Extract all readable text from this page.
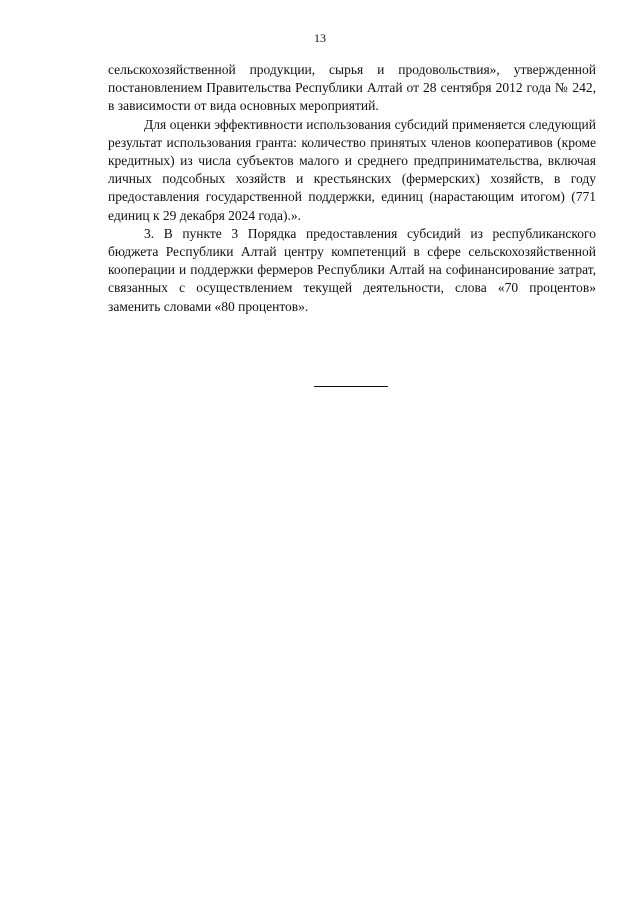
13

сельскохозяйственной продукции, сырья и продовольствия», утвержденной постановлением Правительства Республики Алтай от 28 сентября 2012 года № 242, в зависимости от вида основных мероприятий.

Для оценки эффективности использования субсидий применяется следующий результат использования гранта: количество принятых членов кооперативов (кроме кредитных) из числа субъектов малого и среднего предпринимательства, включая личных подсобных хозяйств и крестьянских (фермерских) хозяйств, в году предоставления государственной поддержки, единиц (нарастающим итогом) (771 единиц к 29 декабря 2024 года).».

3. В пункте 3 Порядка предоставления субсидий из республиканского бюджета Республики Алтай центру компетенций в сфере сельскохозяйственной кооперации и поддержки фермеров Республики Алтай на софинансирование затрат, связанных с осуществлением текущей деятельности, слова «70 процентов» заменить словами «80 процентов».
